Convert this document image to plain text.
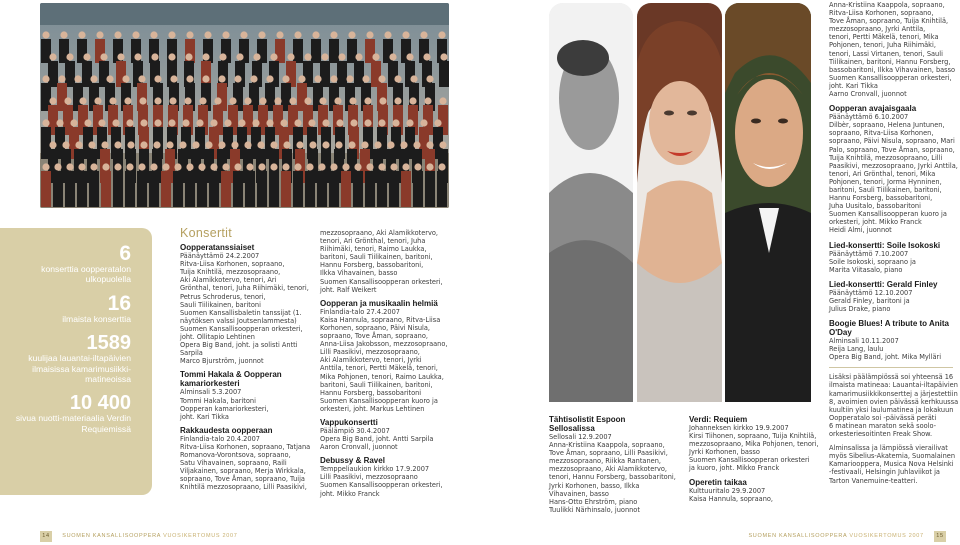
6
konserttia oopperatalon ulkopuolella
16
ilmaista konserttia
1589
kuulijaa lauantai-iltapäivien ilmaisissa kamarimusiikki-matineoissa
10 400
sivua nuotti-materiaalia Verdin Requiemissä
Konsertit
Oopperatanssiaiset
Päänäyttämö 24.2.2007
Ritva-Liisa Korhonen, sopraano,
Tuija Knihtilä, mezzosopraano,
Aki Alamikkotervo, tenori, Ari
Grönthal, tenori, Juha Riihimäki, tenori,
Petrus Schroderus, tenori,
Sauli Tiilikainen, baritoni
Suomen Kansallisbaletin tanssijat (1.
näytöksen valssi Joutsenlammesta)
Suomen Kansallisoopperan orkesteri,
joht. Ollitapio Lehtinen
Opera Big Band, joht. ja solisti Antti
Sarpila
Marco Bjurström, juonnot
Tommi Hakala & Oopperan kamariorkesteri
Alminsali 5.3.2007
Tommi Hakala, baritoni
Oopperan kamariorkesteri,
joht. Kari Tikka
Rakkaudesta oopperaan
Finlandia-talo 20.4.2007
Ritva-Liisa Korhonen, sopraano, Tatjana
Romanova-Vorontsova, sopraano,
Satu Vihavainen, sopraano, Raili
Viljakainen, sopraano, Merja Wirkkala,
sopraano, Tove Åman, sopraano, Tuija
Knihtilä mezzosopraano, Lilli Paasikivi,
mezzosopraano, Aki Alamikkotervo,
tenori, Ari Grönthal, tenori, Juha
Riihimäki, tenori, Raimo Laukka,
baritoni, Sauli Tiilikainen, baritoni,
Hannu Forsberg, bassobaritoni,
Ilkka Vihavainen, basso
Suomen Kansallisoopperan orkesteri,
joht. Ralf Weikert
Oopperan ja musikaalin helmiä
Finlandia-talo 27.4.2007
Kaisa Hannula, sopraano, Ritva-Liisa
Korhonen, sopraano, Päivi Nisula,
sopraano, Tove Åman, sopraano,
Anna-Liisa Jakobsson, mezzosopraano,
Lilli Paasikivi, mezzosopraano,
Aki Alamikkotervo, tenori, Jyrki
Anttila, tenori, Pertti Mäkelä, tenori,
Mika Pohjonen, tenori, Raimo Laukka,
baritoni, Sauli Tiilikainen, baritoni,
Hannu Forsberg, bassobaritoni
Suomen Kansallisoopperan kuoro ja
orkesteri, joht. Markus Lehtinen
Vappukonsertti
Päälämpiö 30.4.2007
Opera Big Band, joht. Antti Sarpila
Aaron Cronvall, juonnot
Debussy & Ravel
Temppeliaukion kirkko 17.9.2007
Lilli Paasikivi, mezzosopraano
Suomen Kansallisoopperan orkesteri,
joht. Mikko Franck
14 SUOMEN KANSALLISOOPPERA VUOSIKERTOMUS 2007
Tähtisolistit Espoon Sellosalissa
Sellosali 12.9.2007
Anna-Kristiina Kaappola, sopraano,
Tove Åman, sopraano, Lilli Paasikivi,
mezzosopraano, Riikka Rantanen,
mezzosopraano, Aki Alamikkotervo,
tenori, Hannu Forsberg, bassobaritoni,
Jyrki Korhonen, basso, Ilkka
Vihavainen, basso
Hans-Otto Ehrström, piano
Tuulikki Närhinsalo, juonnot
Verdi: Requiem
Johanneksen kirkko 19.9.2007
Kirsi Tiihonen, sopraano, Tuija Knihtilä,
mezzosopraano, Mika Pohjonen, tenori,
Jyrki Korhonen, basso
Suomen Kansallisoopperan orkesteri
ja kuoro, joht. Mikko Franck
Operetin taikaa
Kulttuuritalo 29.9.2007
Kaisa Hannula, sopraano,
Anna-Kristiina Kaappola, sopraano,
Ritva-Liisa Korhonen, sopraano,
Tove Åman, sopraano, Tuija Knihtilä,
mezzosopraano, Jyrki Anttila,
tenori, Pertti Mäkelä, tenori, Mika
Pohjonen, tenori, Juha Riihimäki,
tenori, Lassi Virtanen, tenori, Sauli
Tiilikainen, baritoni, Hannu Forsberg,
bassobaritoni, Ilkka Vihavainen, basso
Suomen Kansallisoopperan orkesteri,
joht. Kari Tikka
Aarno Cronvall, juonnot
Oopperan avajaisgaala
Päänäyttämö 6.10.2007
Dilbèr, sopraano, Helena Juntunen,
sopraano, Ritva-Liisa Korhonen,
sopraano, Päivi Nisula, sopraano, Mari
Palo, sopraano, Tove Åman, sopraano,
Tuija Knihtilä, mezzosopraano, Lilli
Paasikivi, mezzosopraano, Jyrki Anttila,
tenori, Ari Grönthal, tenori, Mika
Pohjonen, tenori, Jorma Hynninen,
baritoni, Sauli Tiilikainen, baritoni,
Hannu Forsberg, bassobaritoni,
Juha Uusitalo, bassobaritoni
Suomen Kansallisoopperan kuoro ja
orkesteri, joht. Mikko Franck
Heidi Almi, juonnot
Lied-konsertti: Soile Isokoski
Päänäyttämö 7.10.2007
Soile Isokoski, sopraano ja
Marita Viitasalo, piano
Lied-konsertti: Gerald Finley
Päänäyttämö 12.10.2007
Gerald Finley, baritoni ja
Julius Drake, piano
Boogie Blues! A tribute to Anita O'Day
Alminsali 10.11.2007
Reija Lang, laulu
Opera Big Band, joht. Mika Mylläri
Lisäksi päälämpiössä soi yhteensä 16
ilmaista matineaa: Lauantai-iltapäivien
kamarimusiikkikonserttej a järjestettiin
8, avoimien ovien päivässä kerhkuussa
kuultiin yksi laulumatinea ja lokakuun
Oopperatalo soi -päivässä peräti
6 matinean maraton sekä soolo-
orkesteriesoitinten Freak Show.
Alminsalissa ja lämpiössä vierailivat
myös Sibelius-Akatemia, Suomalainen
Kamariooppera, Musica Nova Helsinki
-festivaali, Helsingin Juhlaviikot ja
Tarton Vanemuine-teatteri.
SUOMEN KANSALLISOOPPERA VUOSIKERTOMUS 2007 15
